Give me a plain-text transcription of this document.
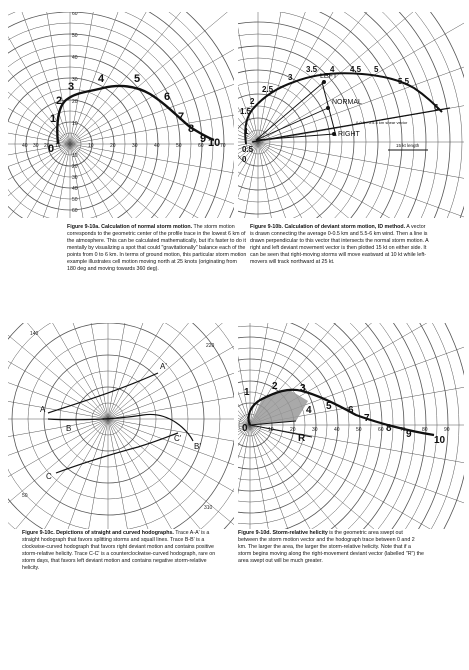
60
50
40
30
20
10
10
20
30
40
50
60
40 30 20 10	10	20	30	40	50	60	70
0
1
2
3
4	5
6
7
8
9 10
Figure 9-10a. Calculation of normal storm motion. The storm motion corresponds to the geometric center of the profile trace in the lowest 6 km of the atmosphere. This can be calculated mathematically, but it's faster to do it mentally by visualizing a spot that could "gravitationally" balance each of the points from 0 to 6 km. In terms of ground motion, this particular storm motion example illustrates cell motion moving north at 25 knots (originating from 180 deg and moving towards 360 deg).
LEFT
NORMAL
RIGHT
0-0.5 - 5.5-6 km shear vector
15 kt length
0
0.5
1
1.5
2
2.5
3
3.5 4 4.5 5
5.5
6
Figure 9-10b. Calculation of deviant storm motion, ID method. A vector is drawn connecting the average 0-0.5 km and 5.5-6 km wind. Then a line is drawn perpendicular to this vector that intersects the normal storm motion. A right and left deviant movement vector is then plotted 15 kt on either side. It can be seen that right-moving storms will move eastward at 10 kt while left-movers will track northward at 25 kt.
140
220
50
310
A
A'
B
B'
C
C'
Figure 9-10c. Depictions of straight and curved hodographs. Trace A-A' is a straight hodograph that favors splitting storms and squall lines. Trace B-B' is a clockwise-curved hodograph that favors right deviant motion and contains positive storm-relative helicity. Trace C-C' is a counterclockwise-curved hodograph, rare on storm days, that favors left deviant motion and contains negative storm-relative helicity.
10	20	30	40	50	60	70	80	90
0
1
2 3
4 5 6
7
8
9
10
R
Figure 9-10d. Storm-relative helicity is the geometric area swept out between the storm motion vector and the hodograph trace between 0 and 2 km. The larger the area, the larger the storm-relative helicity. Note that if a storm begins moving along the right-movement deviant vector (labelled "R") the area swept out will be much greater.
